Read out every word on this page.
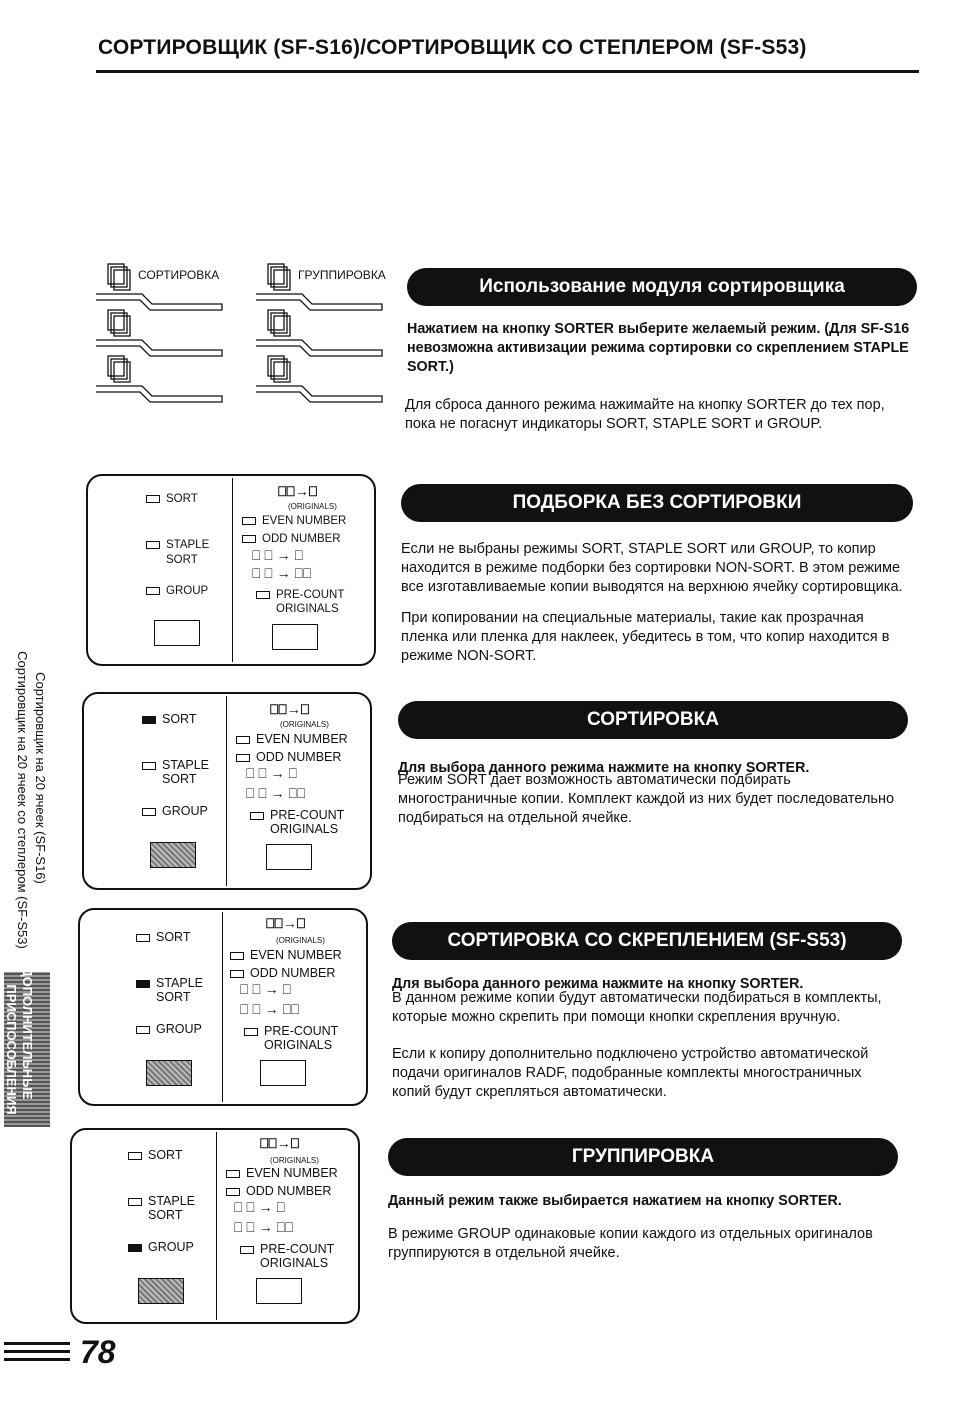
СОРТИРОВЩИК (SF-S16)/СОРТИРОВЩИК СО СТЕПЛЕРОМ (SF-S53)
СОРТИРОВКА	ГРУППИРОВКА
Использование модуля сортировщика
Нажатием на кнопку SORTER выберите желаемый режим. (Для SF-S16 невозможна активизации режима сортировки со скреплением STAPLE SORT.)
Для сброса данного режима нажимайте на кнопку SORTER до тех пор, пока не погаснут индикаторы SORT, STAPLE SORT и GROUP.
SORT
STAPLE
SORT
GROUP
⎕⎕→⎕
(ORIGINALS)
EVEN NUMBER
ODD NUMBER
⎕ ⎕ → ⎕
⎕ ⎕ → ⎕⎕
PRE-COUNT
ORIGINALS
ПОДБОРКА БЕЗ СОРТИРОВКИ
Если не выбраны режимы SORT, STAPLE SORT или GROUP, то копир находится в режиме подборки без сортировки NON-SORT. В этом режиме все изготавливаемые копии выводятся на верхнюю ячейку сортировщика.
При копировании на специальные материалы, такие как прозрачная пленка или пленка для наклеек, убедитесь в том, что копир находится в режиме NON-SORT.
SORT
STAPLE
SORT
GROUP
⎕⎕→⎕
(ORIGINALS)
EVEN NUMBER
ODD NUMBER
⎕ ⎕ → ⎕
⎕ ⎕ → ⎕⎕
PRE-COUNT
ORIGINALS
СОРТИРОВКА
Для выбора данного режима нажмите на кнопку SORTER.
Режим SORT дает возможность автоматически подбирать многостраничные копии. Комплект каждой из них будет последовательно подбираться на отдельной ячейке.
SORT
STAPLE
SORT
GROUP
⎕⎕→⎕
(ORIGINALS)
EVEN NUMBER
ODD NUMBER
⎕ ⎕ → ⎕
⎕ ⎕ → ⎕⎕
PRE-COUNT
ORIGINALS
СОРТИРОВКА СО СКРЕПЛЕНИЕМ (SF-S53)
Для выбора данного режима нажмите на кнопку SORTER.
В данном режиме копии будут автоматически подбираться в комплекты, которые можно скрепить при помощи кнопки скрепления вручную.
Если к копиру дополнительно подключено устройство автоматической подачи оригиналов RADF, подобранные комплекты многостраничных копий будут скрепляться автоматически.
SORT
STAPLE
SORT
GROUP
⎕⎕→⎕
(ORIGINALS)
EVEN NUMBER
ODD NUMBER
⎕ ⎕ → ⎕
⎕ ⎕ → ⎕⎕
PRE-COUNT
ORIGINALS
ГРУППИРОВКА
Данный режим также выбирается нажатием на кнопку SORTER.
В режиме GROUP одинаковые копии каждого из отдельных оригиналов группируются в отдельной ячейке.
Сортировщик на 20 ячеек (SF-S16)
Сортировщик на 20 ячеек со степлером (SF-S53)
ДОПОЛНИТЕЛЬНЫЕ
ПРИСПОСОБЛЕНИЯ
78
